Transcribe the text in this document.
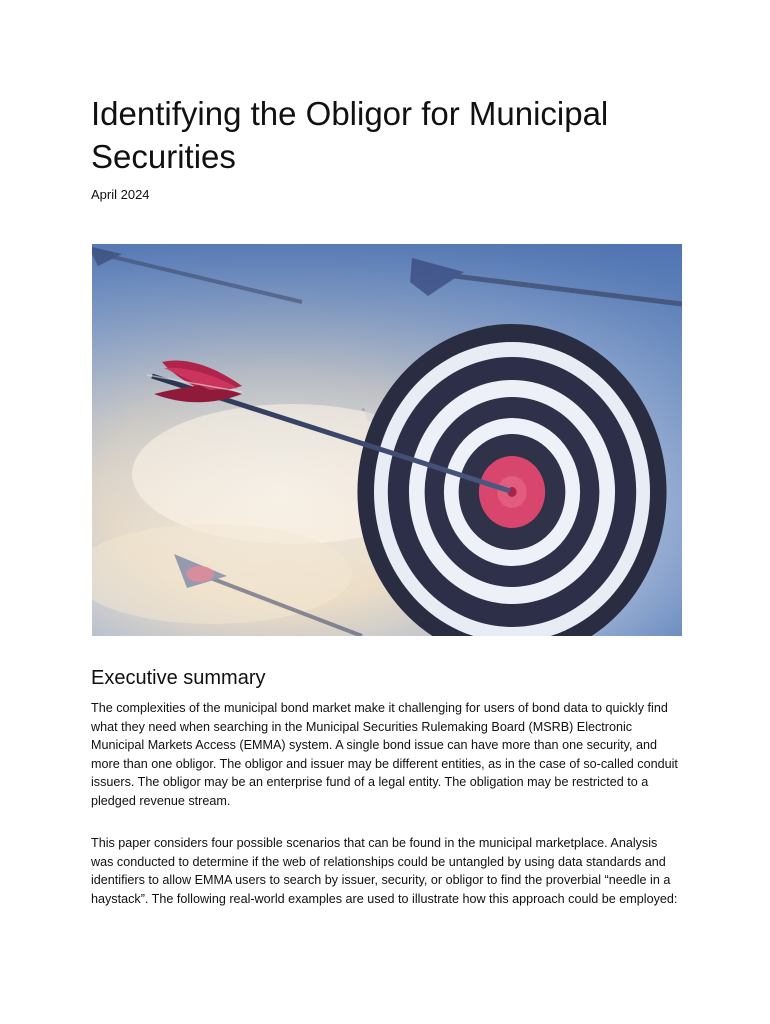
Identifying the Obligor for Municipal Securities

April 2024

Executive summary

The complexities of the municipal bond market make it challenging for users of bond data to quickly find what they need when searching in the Municipal Securities Rulemaking Board (MSRB) Electronic Municipal Markets Access (EMMA) system. A single bond issue can have more than one security, and more than one obligor. The obligor and issuer may be different entities, as in the case of so-called conduit issuers. The obligor may be an enterprise fund of a legal entity. The obligation may be restricted to a pledged revenue stream.

This paper considers four possible scenarios that can be found in the municipal marketplace. Analysis was conducted to determine if the web of relationships could be untangled by using data standards and identifiers to allow EMMA users to search by issuer, security, or obligor to find the proverbial “needle in a haystack”. The following real-world examples are used to illustrate how this approach could be employed:
